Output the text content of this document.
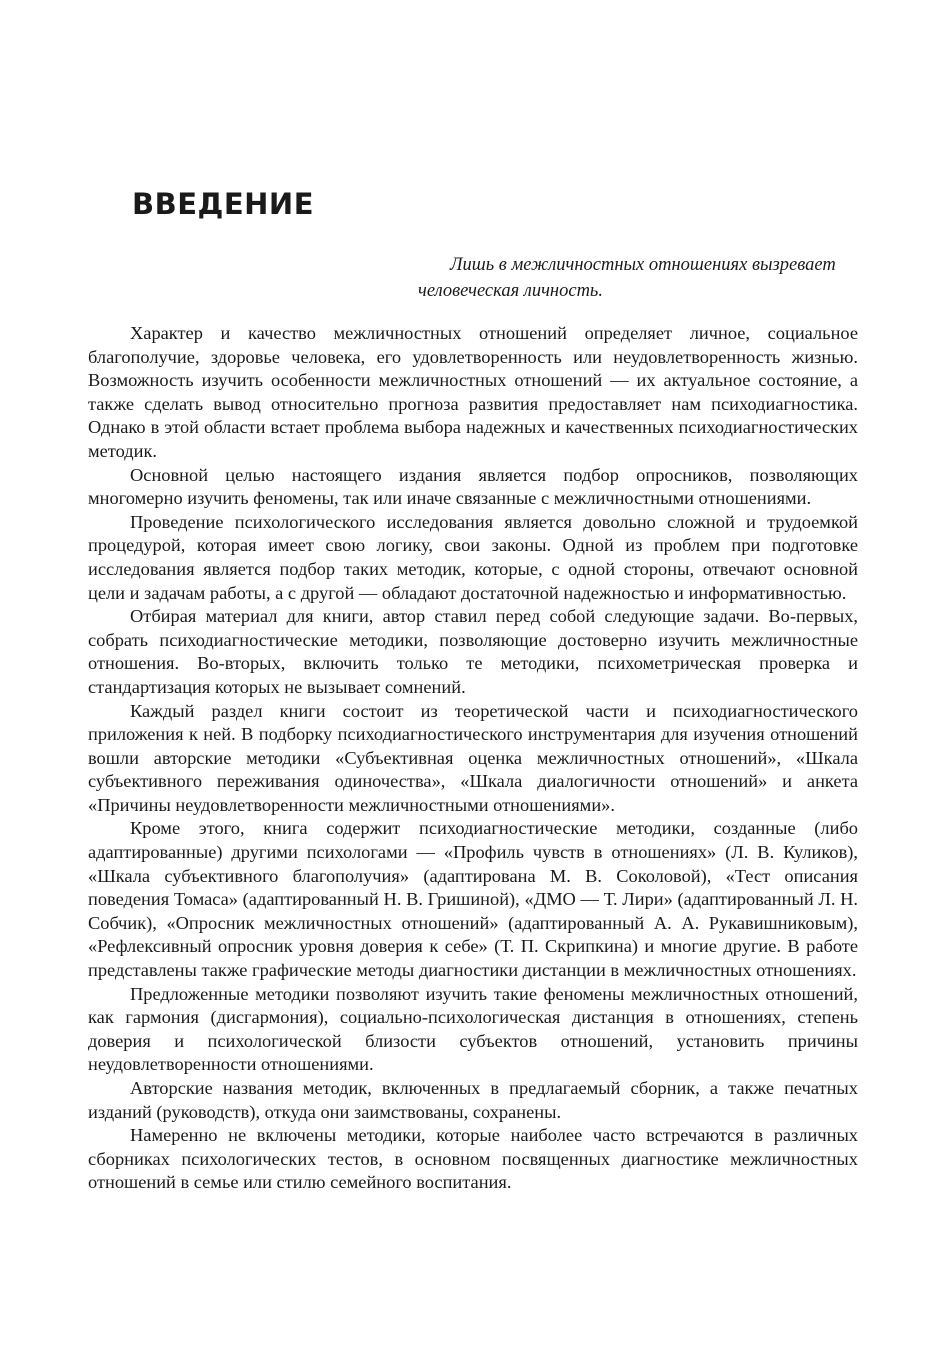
ВВЕДЕНИЕ
Лишь в межличностных отношениях вызревает
человеческая личность.

Характер и качество межличностных отношений определяет личное, социальное благополучие, здоровье человека, его удовлетворенность или неудовлетворенность жизнью. Возможность изучить особенности межличностных отношений — их актуальное состояние, а также сделать вывод относительно прогноза развития предоставляет нам психодиагностика. Однако в этой области встает проблема выбора надежных и качественных психодиагностических методик.

Основной целью настоящего издания является подбор опросников, позволяющих многомерно изучить феномены, так или иначе связанные с межличностными отношениями.

Проведение психологического исследования является довольно сложной и трудоемкой процедурой, которая имеет свою логику, свои законы. Одной из проблем при подготовке исследования является подбор таких методик, которые, с одной стороны, отвечают основной цели и задачам работы, а с другой — обладают достаточной надежностью и информативностью.

Отбирая материал для книги, автор ставил перед собой следующие задачи. Во-первых, собрать психодиагностические методики, позволяющие достоверно изучить межличностные отношения. Во-вторых, включить только те методики, психометрическая проверка и стандартизация которых не вызывает сомнений.

Каждый раздел книги состоит из теоретической части и психодиагностического приложения к ней. В подборку психодиагностического инструментария для изучения отношений вошли авторские методики «Субъективная оценка межличностных отношений», «Шкала субъективного переживания одиночества», «Шкала диалогичности отношений» и анкета «Причины неудовлетворенности межличностными отношениями».

Кроме этого, книга содержит психодиагностические методики, созданные (либо адаптированные) другими психологами — «Профиль чувств в отношениях» (Л. В. Куликов), «Шкала субъективного благополучия» (адаптирована М. В. Соколовой), «Тест описания поведения Томаса» (адаптированный Н. В. Гришиной), «ДМО — Т. Лири» (адаптированный Л. Н. Собчик), «Опросник межличностных отношений» (адаптированный А. А. Рукавишниковым), «Рефлексивный опросник уровня доверия к себе» (Т. П. Скрипкина) и многие другие. В работе представлены также графические методы диагностики дистанции в межличностных отношениях.

Предложенные методики позволяют изучить такие феномены межличностных отношений, как гармония (дисгармония), социально-психологическая дистанция в отношениях, степень доверия и психологической близости субъектов отношений, установить причины неудовлетворенности отношениями.

Авторские названия методик, включенных в предлагаемый сборник, а также печатных изданий (руководств), откуда они заимствованы, сохранены.

Намеренно не включены методики, которые наиболее часто встречаются в различных сборниках психологических тестов, в основном посвященных диагностике межличностных отношений в семье или стилю семейного воспитания.
